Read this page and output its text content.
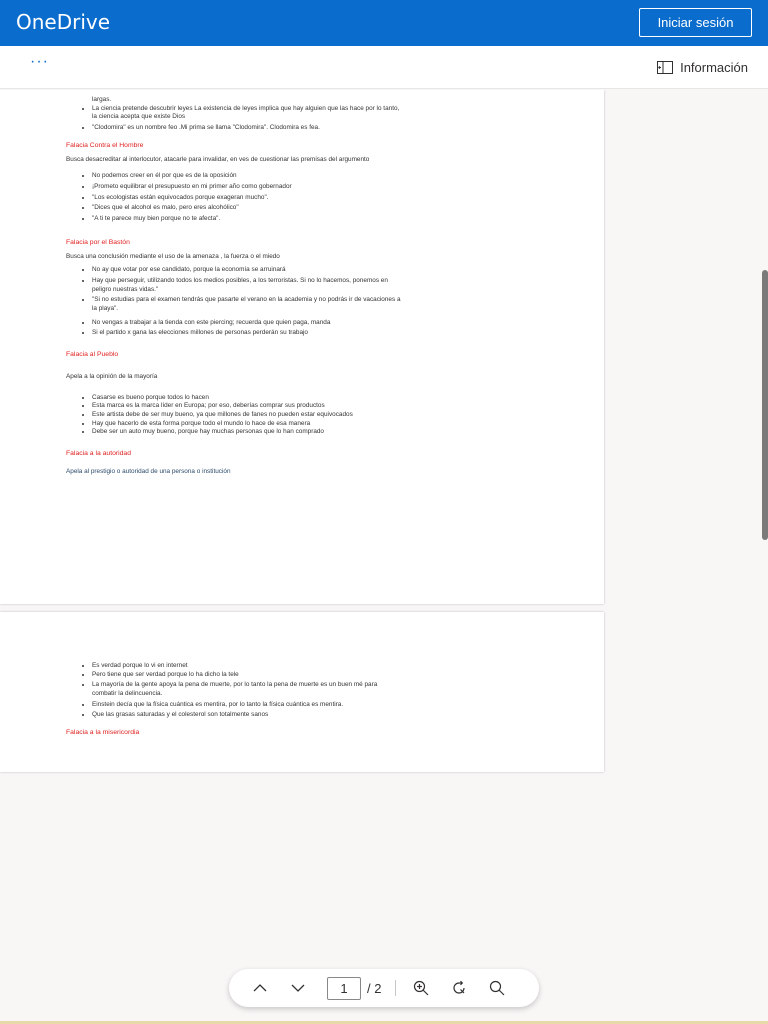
OneDrive	Iniciar sesión
···	Información
largas.
• La ciencia pretende descubrir leyes La existencia de leyes implica que hay alguien que las hace por lo tanto, la ciencia acepta que existe Dios
• "Clodomira" es un nombre feo .Mi prima se llama "Clodomira". Clodomira es fea.
Falacia Contra el Hombre
Busca desacreditar al interlocutor, atacarle para invalidar, en ves de cuestionar las premisas del argumento
• No podemos creer en él por que es de la oposición
• ¡Prometo equilibrar el presupuesto en mi primer año como gobernador
• "Los ecologistas están equivocados porque exageran mucho".
• "Dices que el alcohol es malo, pero eres alcohólico"
• "A ti te parece muy bien porque no te afecta".
Falacia por el Bastón
Busca una conclusión mediante el uso de la amenaza , la fuerza o el miedo
• No ay que votar por ese candidato, porque la economía se arruinará
• Hay que perseguir, utilizando todos los medios posibles, a los terroristas. Si no lo hacemos, ponemos en peligro nuestras vidas."
• "Si no estudias para el examen tendrás que pasarte el verano en la academia y no podrás ir de vacaciones a la playa".
• No vengas a trabajar a la tienda con este piercing; recuerda que quien paga, manda
• Si el partido x gana las elecciones millones de personas perderán su trabajo
Falacia al Pueblo
Apela a la opinión de la mayoría
• Casarse es bueno porque todos lo hacen
• Esta marca es la marca líder en Europa; por eso, deberías comprar sus productos
• Este artista debe de ser muy bueno, ya que millones de fanes no pueden estar equivocados
• Hay que hacerlo de esta forma porque todo el mundo lo hace de esa manera
• Debe ser un auto muy bueno, porque hay muchas personas que lo han comprado
Falacia a la autoridad
Apela al prestigio o autoridad de una persona o institución
• Es verdad porque lo vi en internet
• Pero tiene que ser verdad porque lo ha dicho la tele
• La mayoría de la gente apoya la pena de muerte, por lo tanto la pena de muerte es un buen mé para combatir la delincuencia.
• Einstein decía que la física cuántica es mentira, por lo tanto la física cuántica es mentira.
• Que las grasas saturadas y el colesterol son totalmente sanos
Falacia a la misericordia
1	/ 2
